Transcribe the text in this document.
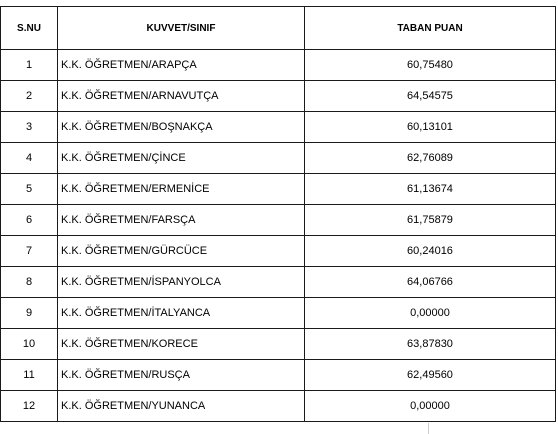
S.NU	KUVVET/SINIF	TABAN PUAN
1	K.K. ÖĞRETMEN/ARAPÇA	60,75480
2	K.K. ÖĞRETMEN/ARNAVUTÇA	64,54575
3	K.K. ÖĞRETMEN/BOŞNAKÇA	60,13101
4	K.K. ÖĞRETMEN/ÇİNCE	62,76089
5	K.K. ÖĞRETMEN/ERMENİCE	61,13674
6	K.K. ÖĞRETMEN/FARSÇA	61,75879
7	K.K. ÖĞRETMEN/GÜRCÜCE	60,24016
8	K.K. ÖĞRETMEN/İSPANYOLCA	64,06766
9	K.K. ÖĞRETMEN/İTALYANCA	0,00000
10	K.K. ÖĞRETMEN/KORECE	63,87830
11	K.K. ÖĞRETMEN/RUSÇA	62,49560
12	K.K. ÖĞRETMEN/YUNANCA	0,00000
